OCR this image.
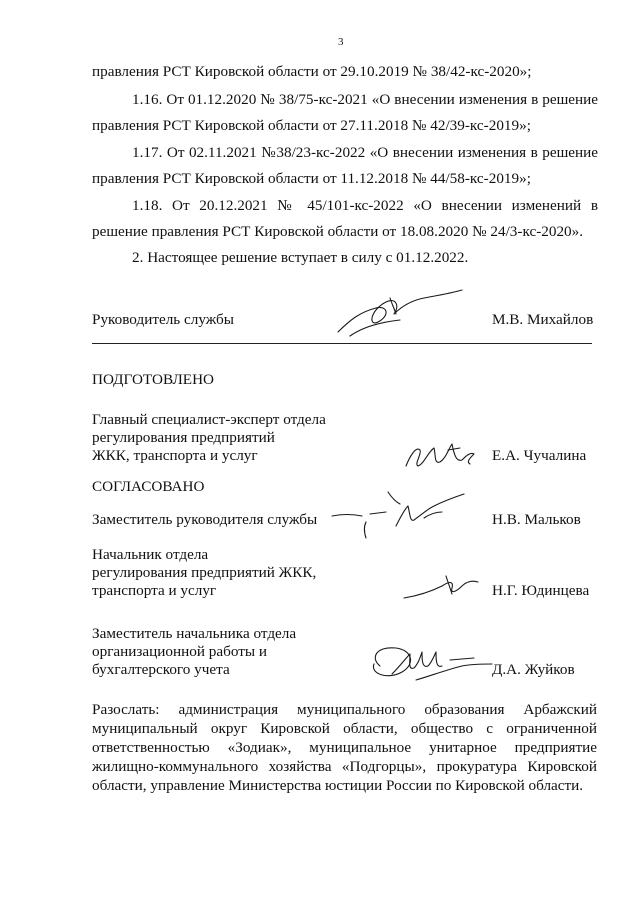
3
правления РСТ Кировской области от 29.10.2019 № 38/42-кс-2020»;
1.16. От 01.12.2020 № 38/75-кс-2021 «О внесении изменения в решение
правления РСТ Кировской области от 27.11.2018 № 42/39-кс-2019»;
1.17. От 02.11.2021 №38/23-кс-2022 «О внесении изменения в решение
правления РСТ Кировской области от 11.12.2018 № 44/58-кс-2019»;
1.18. От 20.12.2021 № 45/101-кс-2022 «О внесении изменений в
решение правления РСТ Кировской области от 18.08.2020 № 24/3-кс-2020».
2. Настоящее решение вступает в силу с 01.12.2022.
Руководитель службы	М.В. Михайлов
ПОДГОТОВЛЕНО
Главный специалист-эксперт отдела
регулирования предприятий
ЖКК, транспорта и услуг	Е.А. Чучалина
СОГЛАСОВАНО
Заместитель руководителя службы	Н.В. Мальков
Начальник отдела
регулирования предприятий ЖКК,
транспорта и услуг	Н.Г. Юдинцева
Заместитель начальника отдела
организационной работы и
бухгалтерского учета	Д.А. Жуйков
Разослать: администрация муниципального образования Арбажский
муниципальный округ Кировской области, общество с ограниченной
ответственностью «Зодиак», муниципальное унитарное предприятие
жилищно-коммунального хозяйства «Подгорцы», прокуратура Кировской
области, управление Министерства юстиции России по Кировской области.
